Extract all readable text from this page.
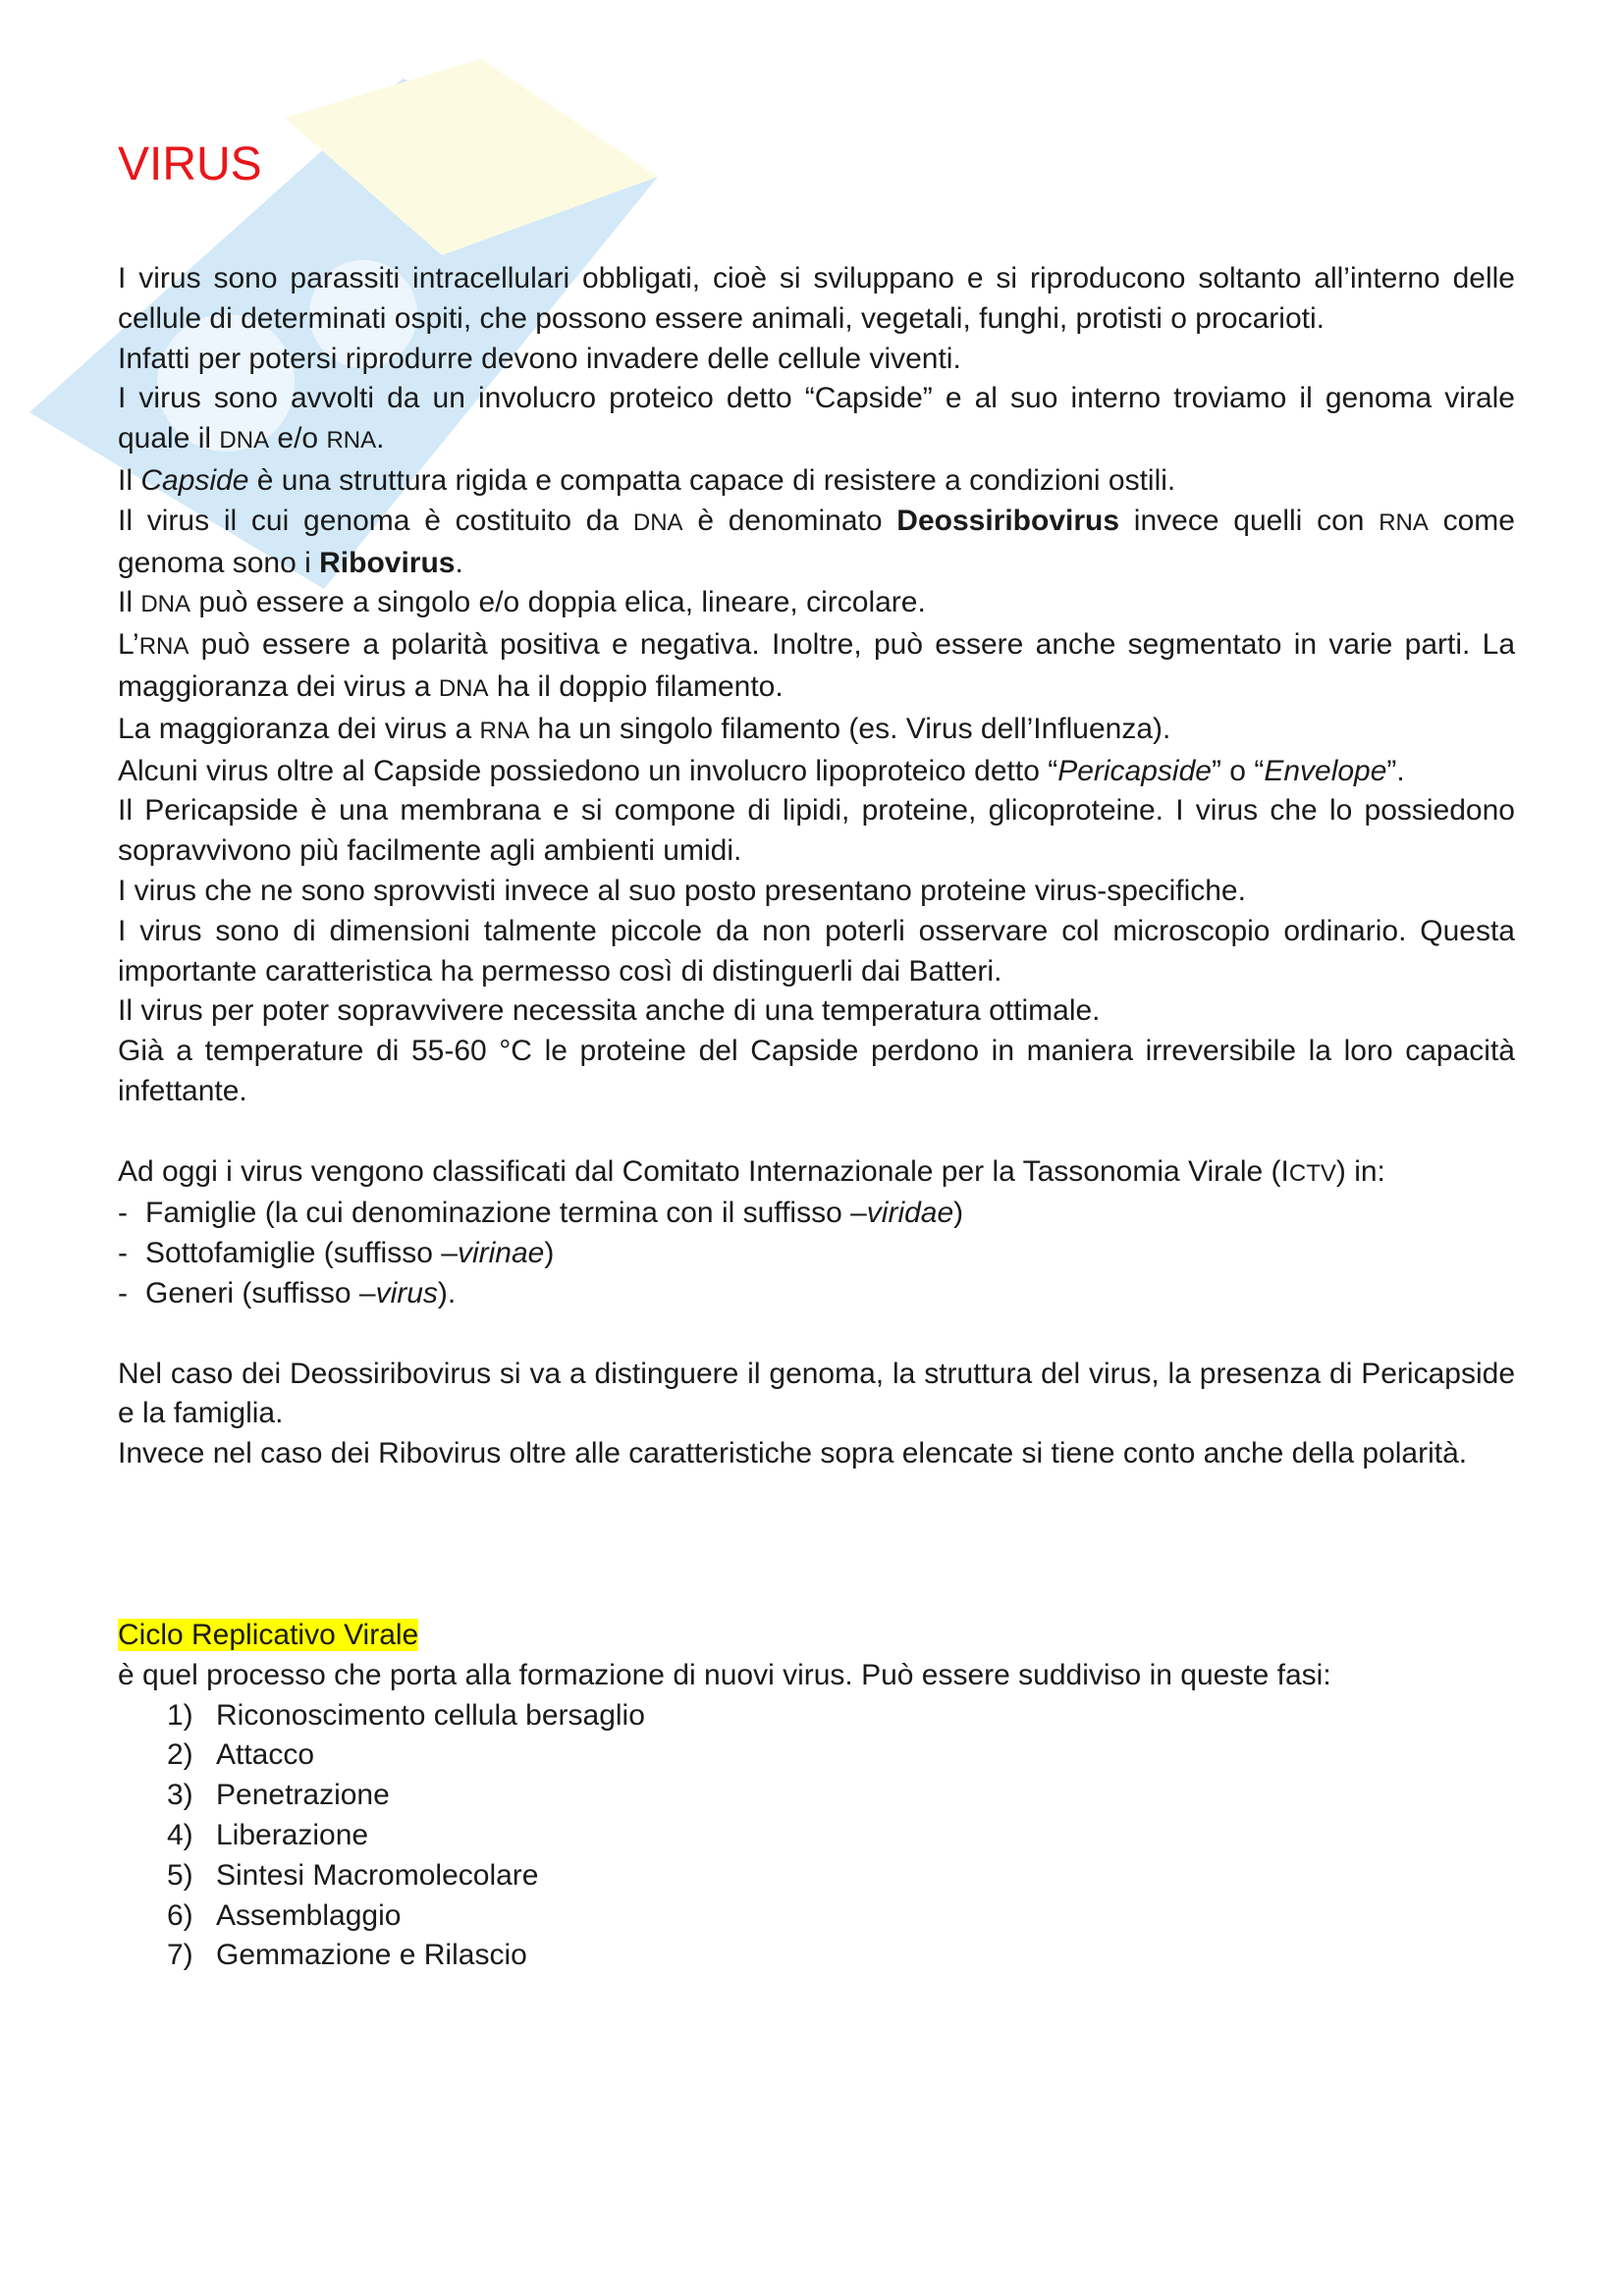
VIRUS

I virus sono parassiti intracellulari obbligati, cioè si sviluppano e si riproducono soltanto all’interno delle cellule di determinati ospiti, che possono essere animali, vegetali, funghi, protisti o procarioti.

Infatti per potersi riprodurre devono invadere delle cellule viventi.

I virus sono avvolti da un involucro proteico detto “Capside” e al suo interno troviamo il genoma virale quale il DNA e/o RNA.

Il Capside è una struttura rigida e compatta capace di resistere a condizioni ostili.

Il virus il cui genoma è costituito da DNA è denominato Deossiribovirus invece quelli con RNA come genoma sono i Ribovirus.

Il DNA può essere a singolo e/o doppia elica, lineare, circolare.

L’RNA può essere a polarità positiva e negativa. Inoltre, può essere anche segmentato in varie parti. La maggioranza dei virus a DNA ha il doppio filamento.

La maggioranza dei virus a RNA ha un singolo filamento (es. Virus dell’Influenza).

Alcuni virus oltre al Capside possiedono un involucro lipoproteico detto “Pericapside” o “Envelope”.

Il Pericapside è una membrana e si compone di lipidi, proteine, glicoproteine. I virus che lo possiedono sopravvivono più facilmente agli ambienti umidi.

I virus che ne sono sprovvisti invece al suo posto presentano proteine virus-specifiche.

I virus sono di dimensioni talmente piccole da non poterli osservare col microscopio ordinario. Questa importante caratteristica ha permesso così di distinguerli dai Batteri.

Il virus per poter sopravvivere necessita anche di una temperatura ottimale.

Già a temperature di 55-60 °C le proteine del Capside perdono in maniera irreversibile la loro capacità infettante.

Ad oggi i virus vengono classificati dal Comitato Internazionale per la Tassonomia Virale (ICTV) in:

- Famiglie (la cui denominazione termina con il suffisso –viridae)
- Sottofamiglie (suffisso –virinae)
- Generi (suffisso –virus).

Nel caso dei Deossiribovirus si va a distinguere il genoma, la struttura del virus, la presenza di Pericapside e la famiglia.

Invece nel caso dei Ribovirus oltre alle caratteristiche sopra elencate si tiene conto anche della polarità.

Ciclo Replicativo Virale

è quel processo che porta alla formazione di nuovi virus. Può essere suddiviso in queste fasi:

1) Riconoscimento cellula bersaglio
2) Attacco
3) Penetrazione
4) Liberazione
5) Sintesi Macromolecolare
6) Assemblaggio
7) Gemmazione e Rilascio
